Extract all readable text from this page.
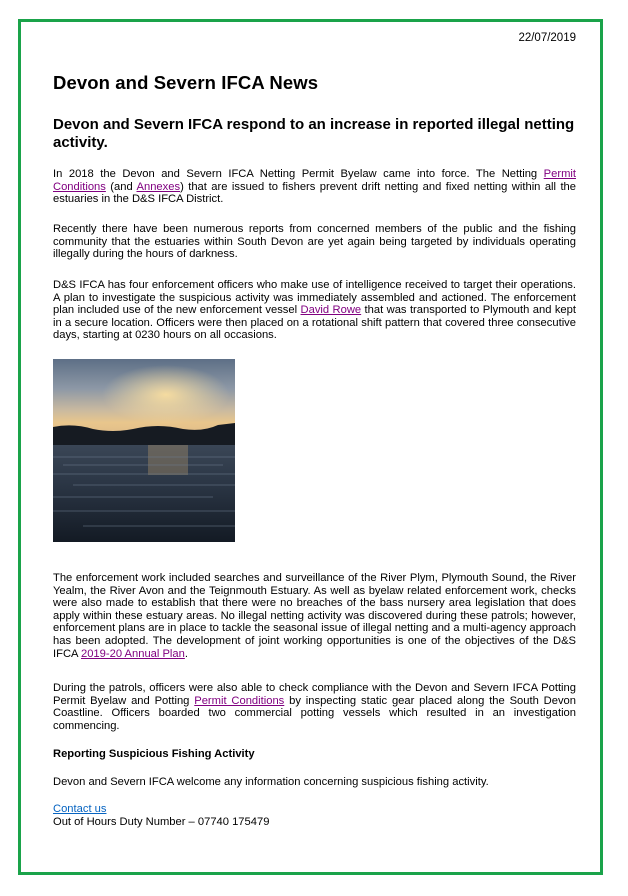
22/07/2019
Devon and Severn IFCA News
Devon and Severn IFCA respond to an increase in reported illegal netting activity.
In 2018 the Devon and Severn IFCA Netting Permit Byelaw came into force. The Netting Permit Conditions (and Annexes) that are issued to fishers prevent drift netting and fixed netting within all the estuaries in the D&S IFCA District.
Recently there have been numerous reports from concerned members of the public and the fishing community that the estuaries within South Devon are yet again being targeted by individuals operating illegally during the hours of darkness.
D&S IFCA has four enforcement officers who make use of intelligence received to target their operations. A plan to investigate the suspicious activity was immediately assembled and actioned. The enforcement plan included use of the new enforcement vessel David Rowe that was transported to Plymouth and kept in a secure location. Officers were then placed on a rotational shift pattern that covered three consecutive days, starting at 0230 hours on all occasions.
The enforcement work included searches and surveillance of the River Plym, Plymouth Sound, the River Yealm, the River Avon and the Teignmouth Estuary. As well as byelaw related enforcement work, checks were also made to establish that there were no breaches of the bass nursery area legislation that does apply within these estuary areas. No illegal netting activity was discovered during these patrols; however, enforcement plans are in place to tackle the seasonal issue of illegal netting and a multi-agency approach has been adopted. The development of joint working opportunities is one of the objectives of the D&S IFCA 2019-20 Annual Plan.
During the patrols, officers were also able to check compliance with the Devon and Severn IFCA Potting Permit Byelaw and Potting Permit Conditions by inspecting static gear placed along the South Devon Coastline. Officers boarded two commercial potting vessels which resulted in an investigation commencing.
Reporting Suspicious Fishing Activity
Devon and Severn IFCA welcome any information concerning suspicious fishing activity.
Contact us
Out of Hours Duty Number – 07740 175479
